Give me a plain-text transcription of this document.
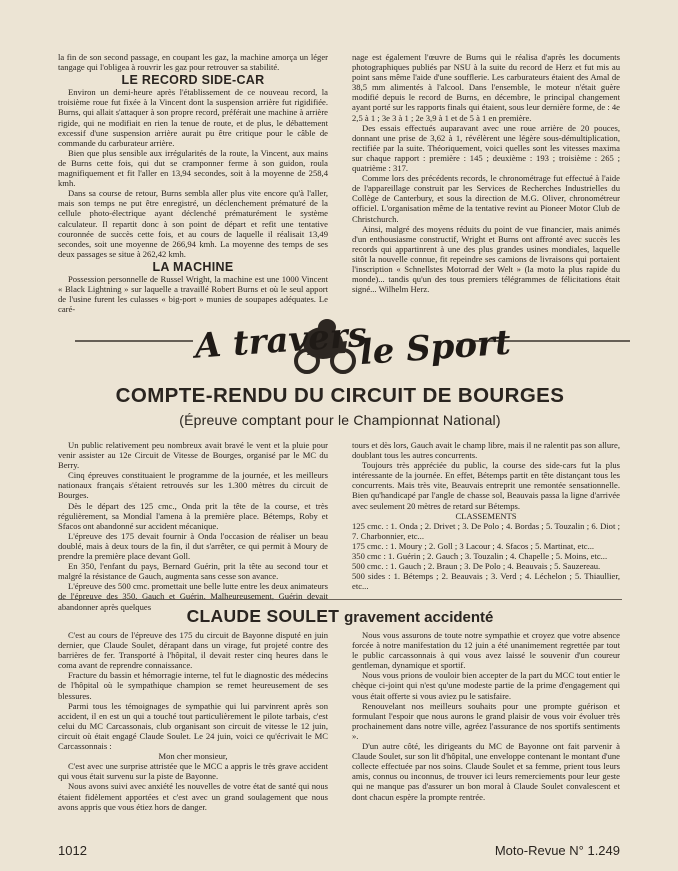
la fin de son second passage, en coupant les gaz, la machine amorça un léger tangage qui l'obligea à rouvrir les gaz pour retrouver sa stabilité.

LE RECORD SIDE-CAR

Environ un demi-heure après l'établissement de ce nouveau record, la troisième roue fut fixée à la Vincent dont la suspension arrière fut rigidifiée. Burns, qui allait s'attaquer à son propre record, préférait une machine à arrière rigide, qui ne modifiait en rien la tenue de route, et de plus, le débattement excessif d'une suspension arrière aurait pu être critique pour le câble de commande du carburateur arrière.

Bien que plus sensible aux irrégularités de la route, la Vincent, aux mains de Burns cette fois, qui dut se cramponner ferme à son guidon, roula magnifiquement et fit l'aller en 13,94 secondes, soit à la moyenne de 258,4 kmh.

Dans sa course de retour, Burns sembla aller plus vite encore qu'à l'aller, mais son temps ne put être enregistré, un déclenchement prématuré de la cellule photo-électrique ayant déclenché prématurément le système calculateur. Il repartit donc à son point de départ et refit une tentative couronnée de succès cette fois, et au cours de laquelle il réalisait 13,49 secondes, soit une moyenne de 266,94 kmh. La moyenne des temps de ses deux passages se situe à 262,42 kmh.

LA MACHINE

Possession personnelle de Russel Wright, la machine est une 1000 Vincent « Black Lightning » sur laquelle a travaillé Robert Burns et où le seul apport de l'usine furent les culasses « big-port » munies de soupapes adéquates. Le caré-

nage est également l'œuvre de Burns qui le réalisa d'après les documents photographiques publiés par NSU à la suite du record de Herz et fut mis au point sans même l'aide d'une soufflerie. Les carburateurs étaient des Amal de 38,5 mm alimentés à l'alcool. Dans l'ensemble, le moteur n'était guère modifié depuis le record de Burns, en décembre, le principal changement ayant porté sur les rapports finals qui étaient, sous leur dernière forme, de : 4e 2,5 à 1 ; 3e 3 à 1 ; 2e 3,9 à 1 et de 5 à 1 en première.

Des essais effectués auparavant avec une roue arrière de 20 pouces, donnant une prise de 3,62 à 1, révélèrent une légère sous-démultiplication, rectifiée par la suite. Théoriquement, voici quelles sont les vitesses maxima sur chaque rapport : première : 145 ; deuxième : 193 ; troisième : 265 ; quatrième : 317.

Comme lors des précédents records, le chronométrage fut effectué à l'aide de l'appareillage construit par les Services de Recherches Industrielles du Collège de Canterbury, et sous la direction de M.G. Oliver, chronométreur officiel. L'organisation même de la tentative revint au Pioneer Motor Club de Christchurch.

Ainsi, malgré des moyens réduits du point de vue financier, mais animés d'un enthousiasme constructif, Wright et Burns ont affronté avec succès les records qui appartinrent à une des plus grandes usines mondiales, laquelle sitôt la nouvelle connue, fit repeindre ses camions de livraisons qui portaient l'inscription « Schnellstes Motorrad der Welt » (la moto la plus rapide du monde)... tandis qu'un des tous premiers télégrammes de félicitations était signé... Wilhelm Herz.

A travers
le Sport
COMPTE-RENDU DU CIRCUIT DE BOURGES
(Épreuve comptant pour le Championnat National)

Un public relativement peu nombreux avait bravé le vent et la pluie pour venir assister au 12e Circuit de Vitesse de Bourges, organisé par le MC du Berry.

Cinq épreuves constituaient le programme de la journée, et les meilleurs nationaux français s'étaient retrouvés sur les 1.300 mètres du circuit de Bourges.

Dès le départ des 125 cmc., Onda prit la tête de la course, et très régulièrement, sa Mondial l'amena à la première place. Bétemps, Roby et Sfacos ont abandonné sur accident mécanique.

L'épreuve des 175 devait fournir à Onda l'occasion de réaliser un beau doublé, mais à deux tours de la fin, il dut s'arrêter, ce qui permit à Moury de prendre la première place devant Goll.

En 350, l'enfant du pays, Bernard Guérin, prit la tête au second tour et malgré la résistance de Gauch, augmenta sans cesse son avance.

L'épreuve des 500 cmc. promettait une belle lutte entre les deux animateurs de l'épreuve des 350, Gauch et Guérin. Malheureusement, Guérin devait abandonner après quelques

tours et dès lors, Gauch avait le champ libre, mais il ne ralentit pas son allure, doublant tous les autres concurrents.

Toujours très appréciée du public, la course des side-cars fut la plus intéressante de la journée. En effet, Bétemps partit en tête distançant tous les concurrents. Mais très vite, Beauvais entreprit une remontée sensationnelle. Bien qu'handicapé par l'angle de chasse sol, Beauvais passa la ligne d'arrivée avec seulement 20 mètres de retard sur Bétemps.

CLASSEMENTS

125 cmc. : 1. Onda ; 2. Drivet ; 3. De Polo ; 4. Bordas ; 5. Touzalin ; 6. Diot ; 7. Charbonnier, etc...

175 cmc. : 1. Moury ; 2. Goll ; 3 Lacour ; 4. Sfacos ; 5. Martinat, etc...

350 cmc : 1. Guérin ; 2. Gauch ; 3. Touzalin ; 4. Chapelle ; 5. Moins, etc...

500 cmc. : 1. Gauch ; 2. Braun ; 3. De Polo ; 4. Beauvais ; 5. Sauzereau.

500 sides : 1. Bétemps ; 2. Beauvais ; 3. Verd ; 4. Léchelon ; 5. Thiaullier, etc...

CLAUDE SOULET gravement accidenté

C'est au cours de l'épreuve des 175 du circuit de Bayonne disputé en juin dernier, que Claude Soulet, dérapant dans un virage, fut projeté contre des barrières de fer. Transporté à l'hôpital, il devait rester cinq heures dans le coma avant de reprendre connaissance.

Fracture du bassin et hémorragie interne, tel fut le diagnostic des médecins de l'hôpital où le sympathique champion se remet heureusement de ses blessures.

Parmi tous les témoignages de sympathie qui lui parvinrent après son accident, il en est un qui a touché tout particulièrement le pilote tarbais, c'est celui du MC Carcassonais, club organisant son circuit de vitesse le 12 juin, circuit où était engagé Claude Soulet. Le 24 juin, voici ce qu'écrivait le MC Carcassonnais :

Mon cher monsieur,

C'est avec une surprise attristée que le MCC a appris le très grave accident qui vous était survenu sur la piste de Bayonne.

Nous avons suivi avec anxiété les nouvelles de votre état de santé qui nous étaient fidèlement apportées et c'est avec un grand soulagement que nous avons appris que vous étiez hors de danger.

Nous vous assurons de toute notre sympathie et croyez que votre absence forcée à notre manifestation du 12 juin a été unanimement regrettée par tout le public carcassonnais à qui vous avez laissé le souvenir d'un coureur gentleman, dynamique et sportif.

Nous vous prions de vouloir bien accepter de la part du MCC tout entier le chèque ci-joint qui n'est qu'une modeste partie de la prime d'engagement qui vous était offerte si vous aviez pu le satisfaire.

Renouvelant nos meilleurs souhaits pour une prompte guérison et formulant l'espoir que nous aurons le grand plaisir de vous voir évoluer très prochainement dans notre ville, agréez l'assurance de nos sportifs sentiments ».

D'un autre côté, les dirigeants du MC de Bayonne ont fait parvenir à Claude Soulet, sur son lit d'hôpital, une enveloppe contenant le montant d'une collecte effectuée par nos soins. Claude Soulet et sa femme, prient tous leurs amis, connus ou inconnus, de trouver ici leurs remerciements pour leur geste qui ne manque pas d'assurer un bon moral à Claude Soulet convalescent et dont chacun espère la prompte rentrée.

1012	Moto-Revue N° 1.249
